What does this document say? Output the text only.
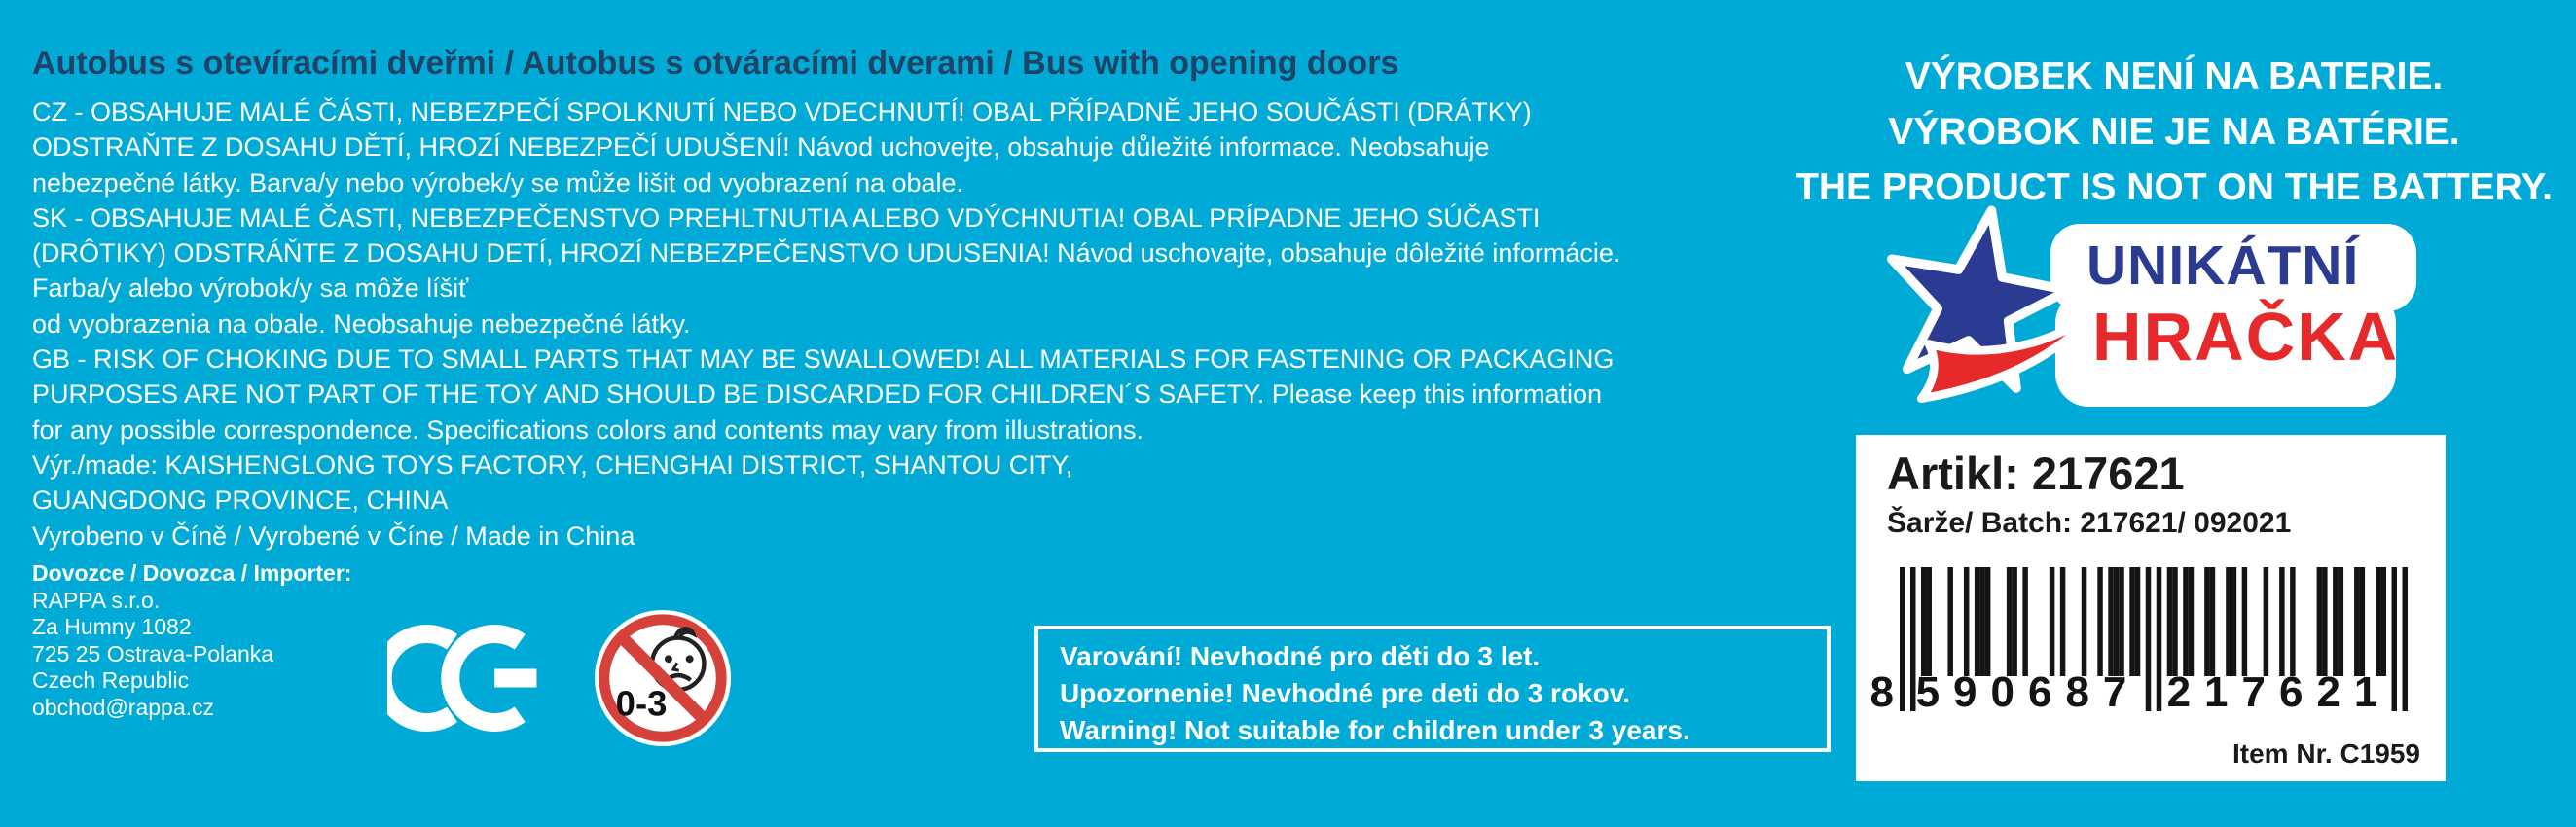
Autobus s otevíracími dveřmi / Autobus s otváracími dverami / Bus with opening doors
CZ - OBSAHUJE MALÉ ČÁSTI, NEBEZPEČÍ SPOLKNUTÍ NEBO VDECHNUTÍ! OBAL PŘÍPADNĚ JEHO SOUČÁSTI (DRÁTKY)
ODSTRAŇTE Z DOSAHU DĚTÍ, HROZÍ NEBEZPEČÍ UDUŠENÍ! Návod uchovejte, obsahuje důležité informace. Neobsahuje
nebezpečné látky. Barva/y nebo výrobek/y se může lišit od vyobrazení na obale.
SK - OBSAHUJE MALÉ ČASTI, NEBEZPEČENSTVO PREHLTNUTIA ALEBO VDÝCHNUTIA! OBAL PRÍPADNE JEHO SÚČASTI
(DRÔTIKY) ODSTRÁŇTE Z DOSAHU DETÍ, HROZÍ NEBEZPEČENSTVO UDUSENIA! Návod uschovajte, obsahuje dôležité informácie.
Farba/y alebo výrobok/y sa môže líšiť
od vyobrazenia na obale. Neobsahuje nebezpečné látky.
GB - RISK OF CHOKING DUE TO SMALL PARTS THAT MAY BE SWALLOWED! ALL MATERIALS FOR FASTENING OR PACKAGING
PURPOSES ARE NOT PART OF THE TOY AND SHOULD BE DISCARDED FOR CHILDREN´S SAFETY. Please keep this information
for any possible correspondence. Specifications colors and contents may vary from illustrations.
Výr./made: KAISHENGLONG TOYS FACTORY, CHENGHAI DISTRICT, SHANTOU CITY,
GUANGDONG PROVINCE, CHINA
Vyrobeno v Číně / Vyrobené v Číne / Made in China
Dovozce / Dovozca / Importer:
RAPPA s.r.o.
Za Humny 1082
725 25 Ostrava-Polanka
Czech Republic
obchod@rappa.cz	0-3
Varování! Nevhodné pro děti do 3 let.
Upozornenie! Nevhodné pre deti do 3 rokov.
Warning! Not suitable for children under 3 years.
VÝROBEK NENÍ NA BATERIE.
VÝROBOK NIE JE NA BATÉRIE.
THE PRODUCT IS NOT ON THE BATTERY.
UNIKÁTNÍ
HRAČKA
Artikl: 217621
Šarže/ Batch: 217621/ 092021
8 590687 217621
Item Nr. C1959
